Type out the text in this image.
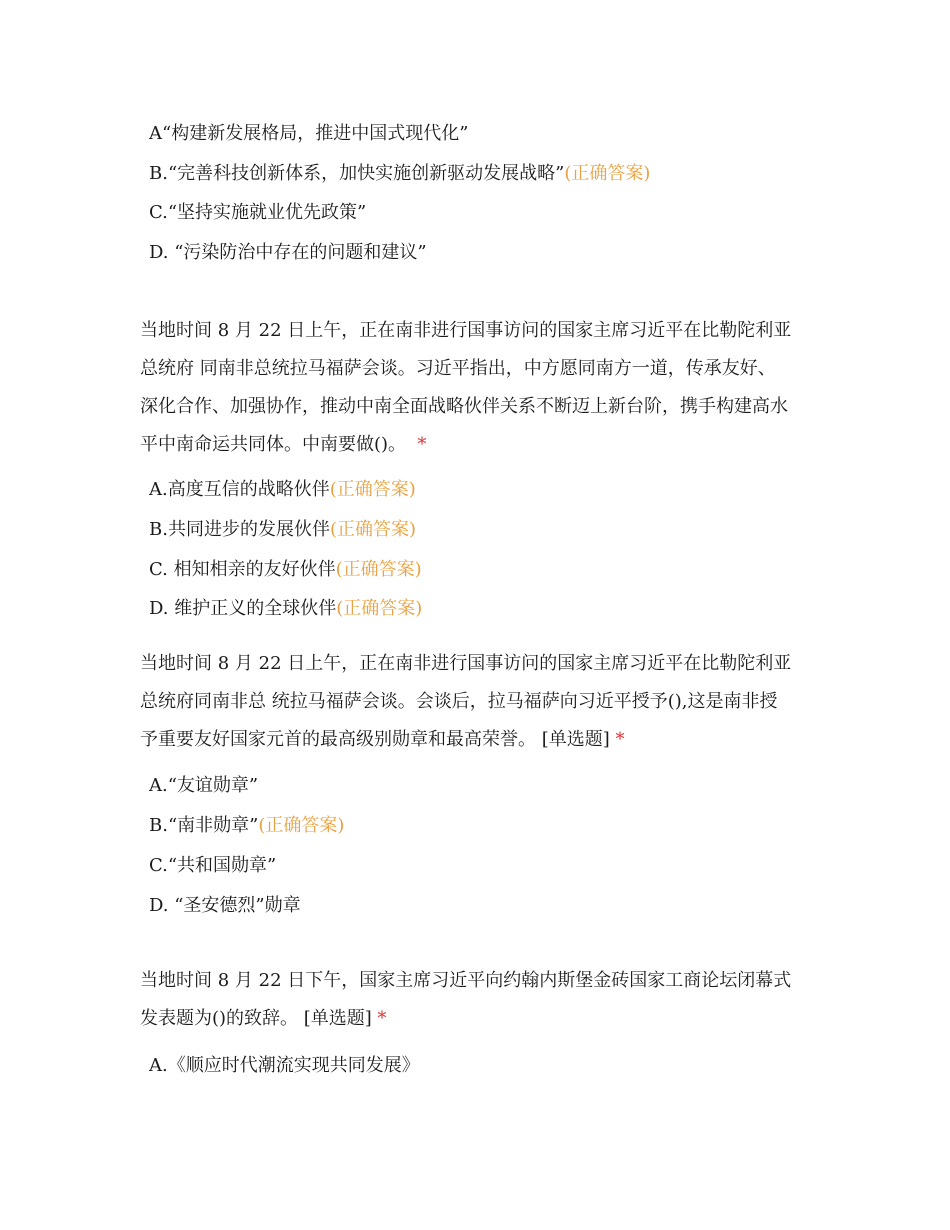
A“构建新发展格局，推进中国式现代化”
B.“完善科技创新体系，加快实施创新驱动发展战略”(正确答案)
C.“坚持实施就业优先政策”
D. “污染防治中存在的问题和建议”
当地时间 8 月 22 日上午，正在南非进行国事访问的国家主席习近平在比勒陀利亚
总统府 同南非总统拉马福萨会谈。习近平指出，中方愿同南方一道，传承友好、
深化合作、加强协作，推动中南全面战略伙伴关系不断迈上新台阶，携手构建高水
平中南命运共同体。中南要做()。 *
A.高度互信的战略伙伴(正确答案)
B.共同进步的发展伙伴(正确答案)
C. 相知相亲的友好伙伴(正确答案)
D. 维护正义的全球伙伴(正确答案)
当地时间 8 月 22 日上午，正在南非进行国事访问的国家主席习近平在比勒陀利亚
总统府同南非总 统拉马福萨会谈。会谈后，拉马福萨向习近平授予(),这是南非授
予重要友好国家元首的最高级别勋章和最高荣誉。 [单选题] *
A.“友谊勋章”
B.“南非勋章”(正确答案)
C.“共和国勋章”
D. “圣安德烈”勋章
当地时间 8 月 22 日下午，国家主席习近平向约翰内斯堡金砖国家工商论坛闭幕式
发表题为()的致辞。 [单选题] *
A.《顺应时代潮流实现共同发展》
